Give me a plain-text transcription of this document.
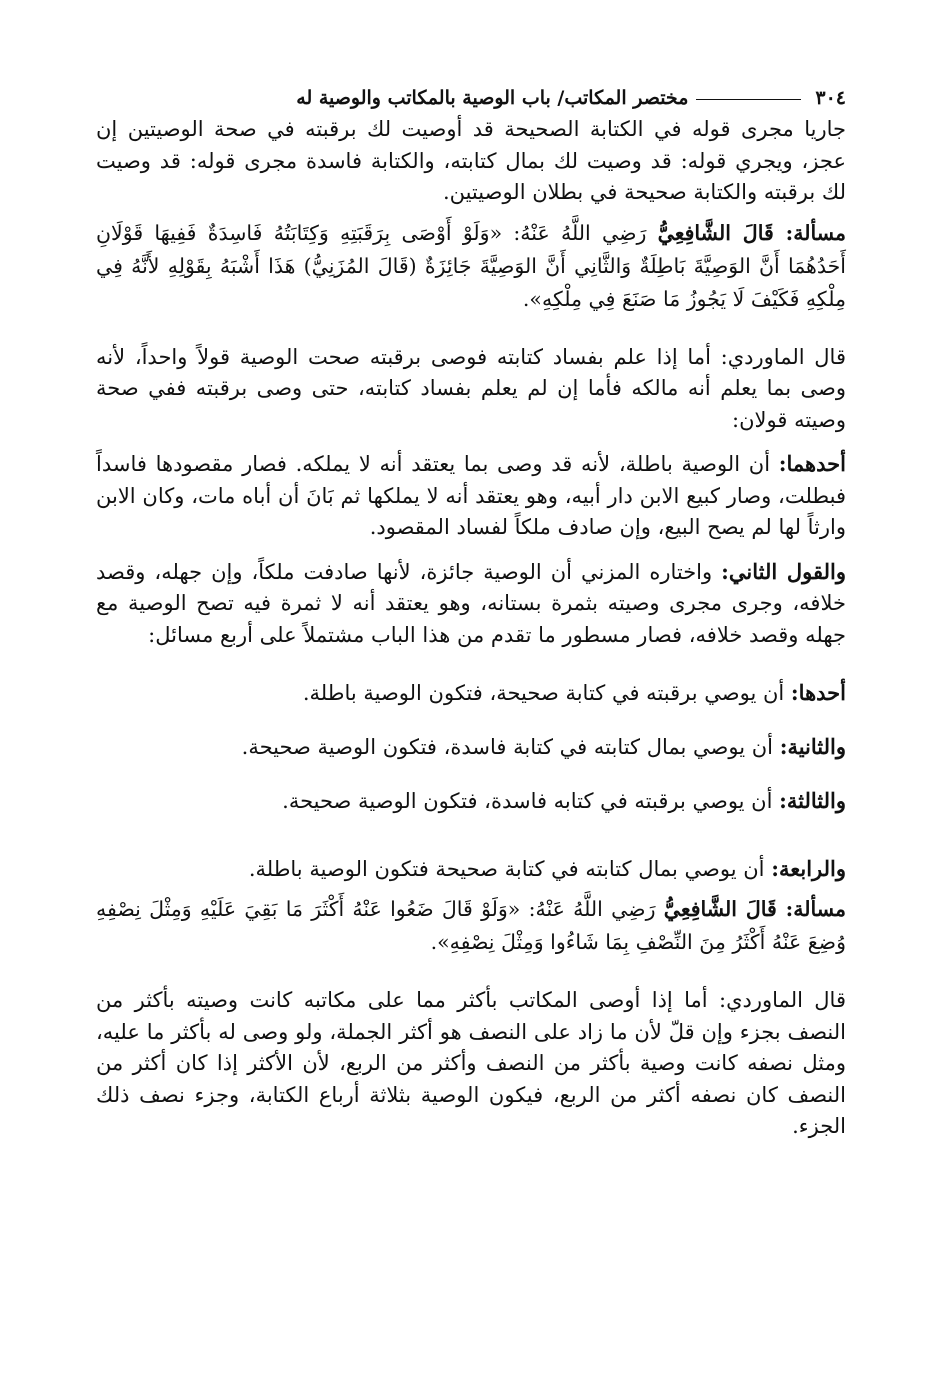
٣٠٤
مختصر المكاتب/ باب الوصية بالمكاتب والوصية له

جاريا مجرى قوله في الكتابة الصحيحة قد أوصيت لك برقبته في صحة الوصيتين إن عجز، ويجري قوله: قد وصيت لك بمال كتابته، والكتابة فاسدة مجرى قوله: قد وصيت لك برقبته والكتابة صحيحة في بطلان الوصيتين.

مسألة: قَالَ الشَّافِعِيُّ رَضِي اللَّهُ عَنْهُ: «وَلَوْ أَوْصَى بِرَقَبَتِهِ وَكِتَابَتُهُ فَاسِدَةٌ فَفِيهَا قَوْلَانِ أَحَدُهُمَا أَنَّ الوَصِيَّةَ بَاطِلَةٌ وَالثَّانِي أَنَّ الوَصِيَّةَ جَائِزَةٌ (قَالَ المُزَنِيُّ) هَذَا أَشْبَهُ بِقَوْلِهِ لأَنَّهُ فِي مِلْكِهِ فَكَيْفَ لَا يَجُوزُ مَا صَنَعَ فِي مِلْكِهِ».

قال الماوردي: أما إذا علم بفساد كتابته فوصى برقبته صحت الوصية قولاً واحداً، لأنه وصى بما يعلم أنه مالكه فأما إن لم يعلم بفساد كتابته، حتى وصى برقبته ففي صحة وصيته قولان:

أحدهما: أن الوصية باطلة، لأنه قد وصى بما يعتقد أنه لا يملكه. فصار مقصودها فاسداً فبطلت، وصار كبيع الابن دار أبيه، وهو يعتقد أنه لا يملكها ثم بَانَ أن أباه مات، وكان الابن وارثاً لها لم يصح البيع، وإن صادف ملكاً لفساد المقصود.

والقول الثاني: واختاره المزني أن الوصية جائزة، لأنها صادفت ملكاً، وإن جهله، وقصد خلافه، وجرى مجرى وصيته بثمرة بستانه، وهو يعتقد أنه لا ثمرة فيه تصح الوصية مع جهله وقصد خلافه، فصار مسطور ما تقدم من هذا الباب مشتملاً على أربع مسائل:

أحدها: أن يوصي برقبته في كتابة صحيحة، فتكون الوصية باطلة.

والثانية: أن يوصي بمال كتابته في كتابة فاسدة، فتكون الوصية صحيحة.

والثالثة: أن يوصي برقبته في كتابه فاسدة، فتكون الوصية صحيحة.

والرابعة: أن يوصي بمال كتابته في كتابة صحيحة فتكون الوصية باطلة.

مسألة: قَالَ الشَّافِعِيُّ رَضِي اللَّهُ عَنْهُ: «وَلَوْ قَالَ ضَعُوا عَنْهُ أَكْثَرَ مَا بَقِيَ عَلَيْهِ وَمِثْلَ نِصْفِهِ وُضِعَ عَنْهُ أَكْثَرُ مِنَ النِّصْفِ بِمَا شَاءُوا وَمِثْلَ نِصْفِهِ».

قال الماوردي: أما إذا أوصى المكاتب بأكثر مما على مكاتبه كانت وصيته بأكثر من النصف بجزء وإن قلّ لأن ما زاد على النصف هو أكثر الجملة، ولو وصى له بأكثر ما عليه، ومثل نصفه كانت وصية بأكثر من النصف وأكثر من الربع، لأن الأكثر إذا كان أكثر من النصف كان نصفه أكثر من الربع، فيكون الوصية بثلاثة أرباع الكتابة، وجزء نصف ذلك الجزء.
